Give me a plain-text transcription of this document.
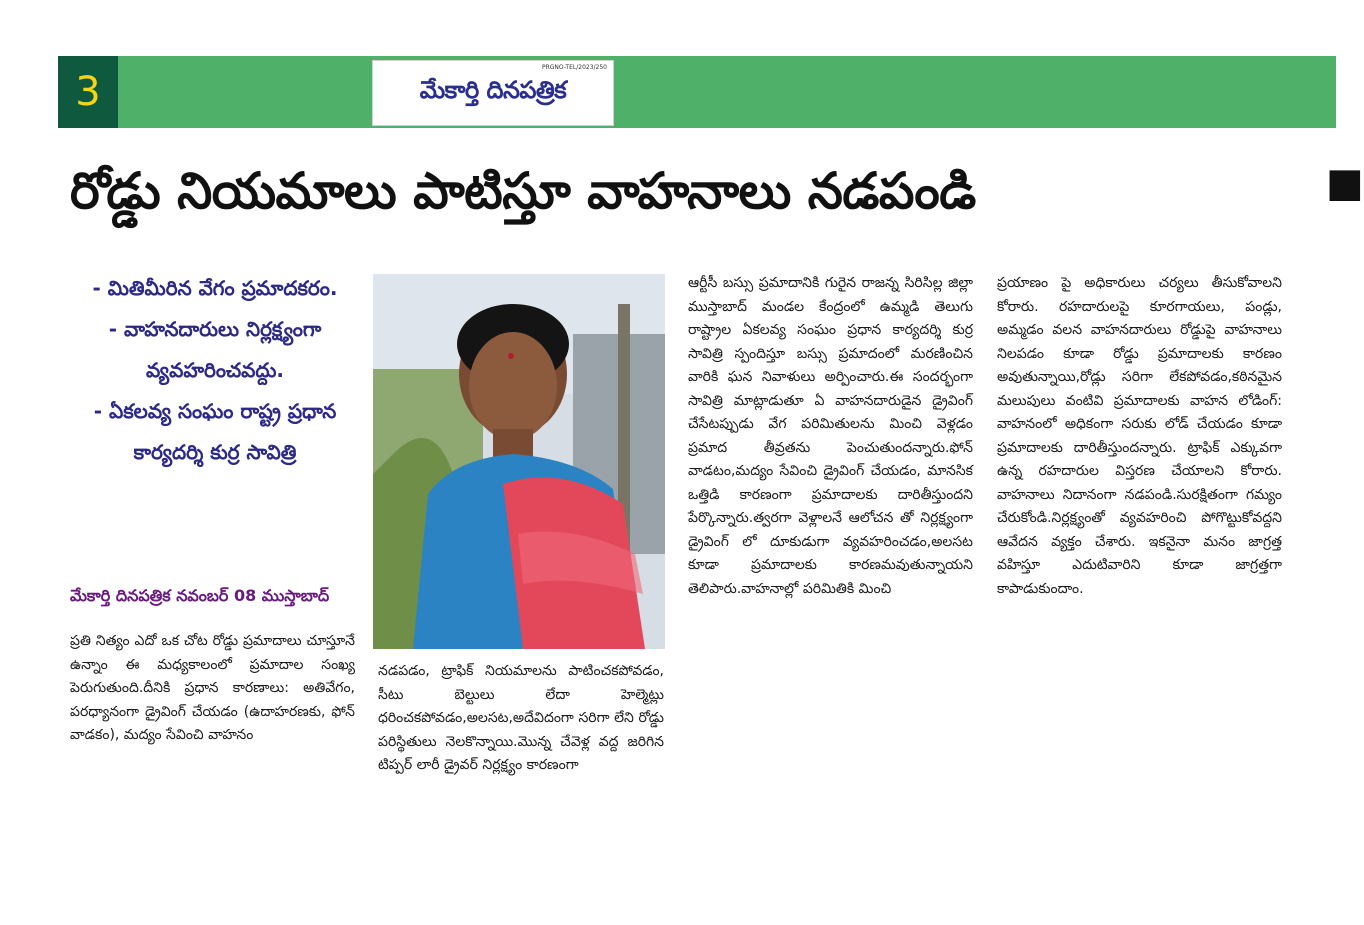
3
PRGNO-TEL/2023/250
మేకార్తి దినపత్రిక
రోడ్డు నియమాలు పాటిస్తూ వాహనాలు నడపండి	■
- మితిమీరిన వేగం ప్రమాదకరం.
- వాహనదారులు నిర్లక్ష్యంగా వ్యవహరించవద్దు.
- ఏకలవ్య సంఘం రాష్ట్ర ప్రధాన కార్యదర్శి కుర్ర సావిత్రి
మేకార్తి దినపత్రిక నవంబర్ 08 ముస్తాబాద్
ప్రతి నిత్యం ఎదో ఒక చోట రోడ్డు ప్రమాదాలు చూస్తూనే ఉన్నాం ఈ మధ్యకాలంలో ప్రమాదాల సంఖ్య పెరుగుతుంది.దీనికి ప్రధాన కారణాలు: అతివేగం, పరధ్యానంగా డ్రైవింగ్ చేయడం (ఉదాహరణకు, ఫోన్ వాడకం), మద్యం సేవించి వాహనం
నడపడం, ట్రాఫిక్ నియమాలను పాటించకపోవడం, సీటు బెల్టులు లేదా హెల్మెట్లు ధరించకపోవడం,అలసట,అదేవిదంగా సరిగా లేని రోడ్డు పరిస్థితులు నెలకొన్నాయి.మొన్న చేవెళ్ల వద్ద జరిగిన టిప్పర్ లారీ డ్రైవర్ నిర్లక్ష్యం కారణంగా
ఆర్టీసీ బస్సు ప్రమాదానికి గురైన రాజన్న సిరిసిల్ల జిల్లా ముస్తాబాద్ మండల కేంద్రంలో ఉమ్మడి తెలుగు రాష్ట్రాల ఏకలవ్య సంఘం ప్రధాన కార్యదర్శి కుర్ర సావిత్రి స్పందిస్తూ బస్సు ప్రమాదంలో మరణించిన వారికి ఘన నివాళులు అర్పించారు.ఈ సందర్భంగా సావిత్రి మాట్లాడుతూ ఏ వాహనదారుడైన డ్రైవింగ్ చేసేటప్పుడు వేగ పరిమితులను మించి వెళ్లడం ప్రమాద తీవ్రతను పెంచుతుందన్నారు.ఫోన్ వాడటం,మద్యం సేవించి డ్రైవింగ్ చేయడం, మానసిక ఒత్తిడి కారణంగా ప్రమాదాలకు దారితీస్తుందని పేర్కొన్నారు.త్వరగా వెళ్లాలనే ఆలోచన తో నిర్లక్ష్యంగా డ్రైవింగ్ లో దూకుడుగా వ్యవహరించడం,అలసట కూడా ప్రమాదాలకు కారణమవుతున్నాయని తెలిపారు.వాహనాల్లో పరిమితికి మించి
ప్రయాణం పై అధికారులు చర్యలు తీసుకోవాలని కోరారు. రహదారులపై కూరగాయలు, పండ్లు, అమ్మడం వలన వాహనదారులు రోడ్డుపై వాహనాలు నిలపడం కూడా రోడ్డు ప్రమాదాలకు కారణం అవుతున్నాయి,రోడ్లు సరిగా లేకపోవడం,కఠినమైన మలుపులు వంటివి ప్రమాదాలకు వాహన లోడింగ్: వాహనంలో అధికంగా సరుకు లోడ్ చేయడం కూడా ప్రమాదాలకు దారితీస్తుందన్నారు. ట్రాఫిక్ ఎక్కువగా ఉన్న రహదారుల విస్తరణ చేయాలని కోరారు. వాహనాలు నిదానంగా నడపండి.సురక్షితంగా గమ్యం చేరుకోండి.నిర్లక్ష్యంతో వ్యవహరించి పోగొట్టుకోవద్దని ఆవేదన వ్యక్తం చేశారు. ఇకనైనా మనం జాగ్రత్త వహిస్తూ ఎదుటివారిని కూడా జాగ్రత్తగా కాపాడుకుందాం.
